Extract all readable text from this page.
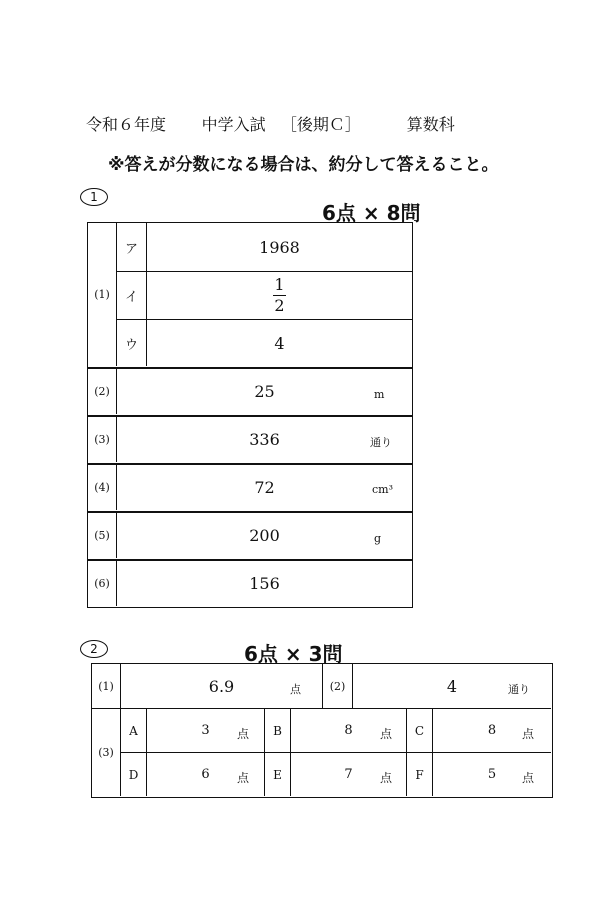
令和６年度 中学入試 ［後期Ｃ］	算数科
※答えが分数になる場合は、約分して答えること。
1
6点 × 8問
(1)
ア	1968
イ	$\frac{1}{2}$
ウ	4
(2)	25	m
(3)	336	通り
(4)	72	cm³
(5)	200	g
(6)	156
2	6点 × 3問
(1)	6.9	点	(2)	4	通り
(3)
A	3	点	B	8	点	C	8	点
D	6	点	E	7	点	F	5	点
